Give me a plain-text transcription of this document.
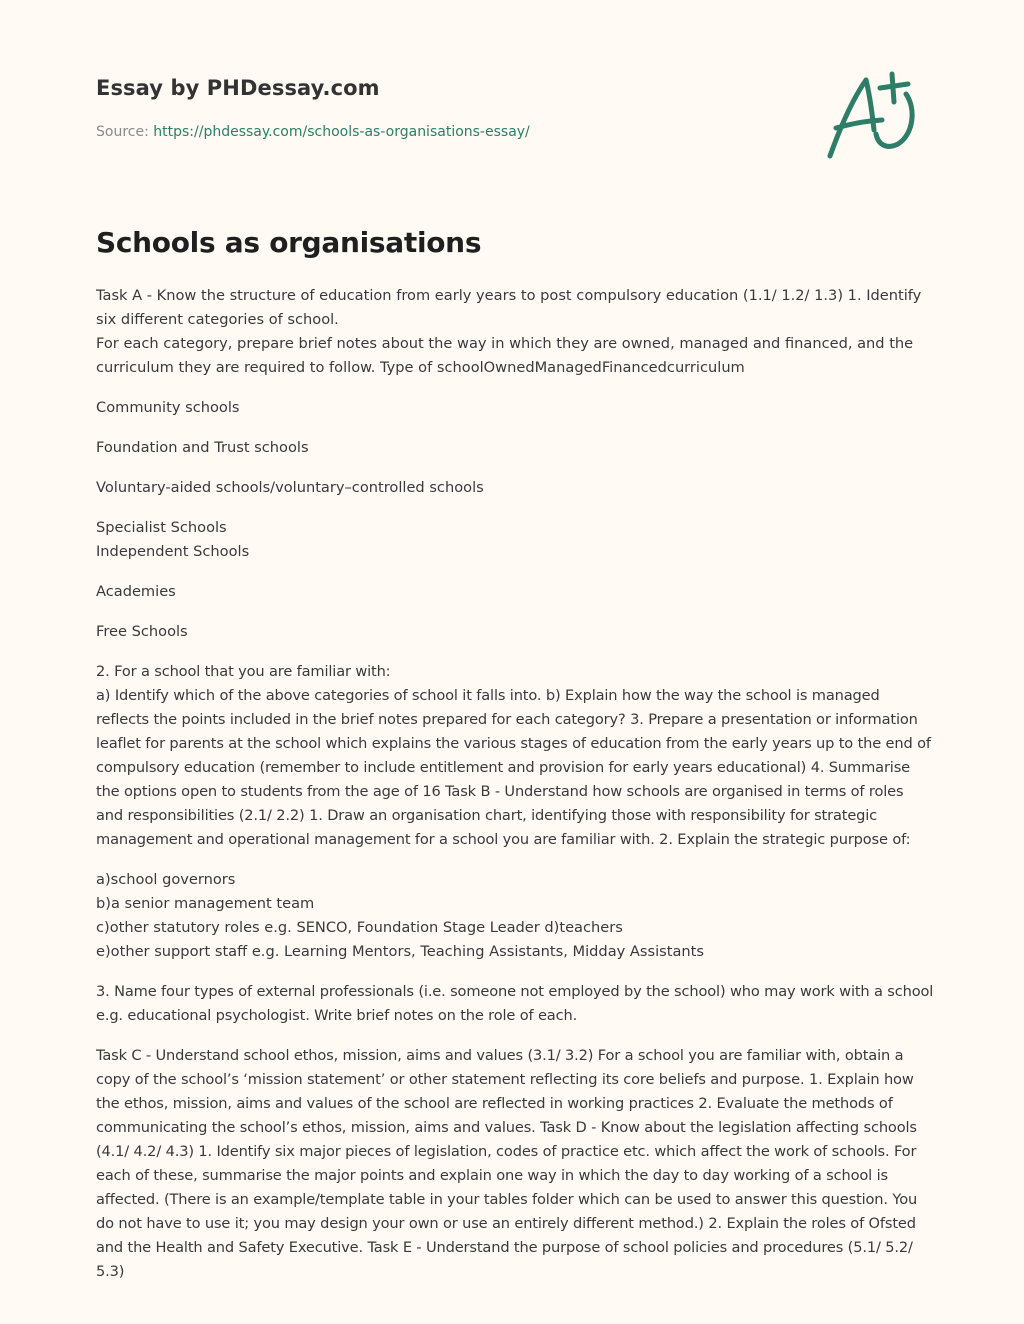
Essay by PHDessay.com
Source: https://phdessay.com/schools-as-organisations-essay/
Schools as organisations

Task A - Know the structure of education from early years to post compulsory education (1.1/ 1.2/ 1.3) 1. Identify six different categories of school.
For each category, prepare brief notes about the way in which they are owned, managed and financed, and the curriculum they are required to follow. Type of schoolOwnedManagedFinancedcurriculum

Community schools

Foundation and Trust schools

Voluntary-aided schools/voluntary–controlled schools

Specialist Schools
Independent Schools

Academies

Free Schools

2. For a school that you are familiar with:
a) Identify which of the above categories of school it falls into. b) Explain how the way the school is managed reflects the points included in the brief notes prepared for each category? 3. Prepare a presentation or information leaflet for parents at the school which explains the various stages of education from the early years up to the end of compulsory education (remember to include entitlement and provision for early years educational) 4. Summarise the options open to students from the age of 16 Task B - Understand how schools are organised in terms of roles and responsibilities (2.1/ 2.2) 1. Draw an organisation chart, identifying those with responsibility for strategic management and operational management for a school you are familiar with. 2. Explain the strategic purpose of:

a)school governors
b)a senior management team
c)other statutory roles e.g. SENCO, Foundation Stage Leader d)teachers
e)other support staff e.g. Learning Mentors, Teaching Assistants, Midday Assistants

3. Name four types of external professionals (i.e. someone not employed by the school) who may work with a school e.g. educational psychologist. Write brief notes on the role of each.

Task C - Understand school ethos, mission, aims and values (3.1/ 3.2) For a school you are familiar with, obtain a copy of the school’s ‘mission statement’ or other statement reflecting its core beliefs and purpose. 1. Explain how the ethos, mission, aims and values of the school are reflected in working practices 2. Evaluate the methods of communicating the school’s ethos, mission, aims and values. Task D - Know about the legislation affecting schools (4.1/ 4.2/ 4.3) 1. Identify six major pieces of legislation, codes of practice etc. which affect the work of schools. For each of these, summarise the major points and explain one way in which the day to day working of a school is affected. (There is an example/template table in your tables folder which can be used to answer this question. You do not have to use it; you may design your own or use an entirely different method.) 2. Explain the roles of Ofsted and the Health and Safety Executive. Task E - Understand the purpose of school policies and procedures (5.1/ 5.2/ 5.3)
